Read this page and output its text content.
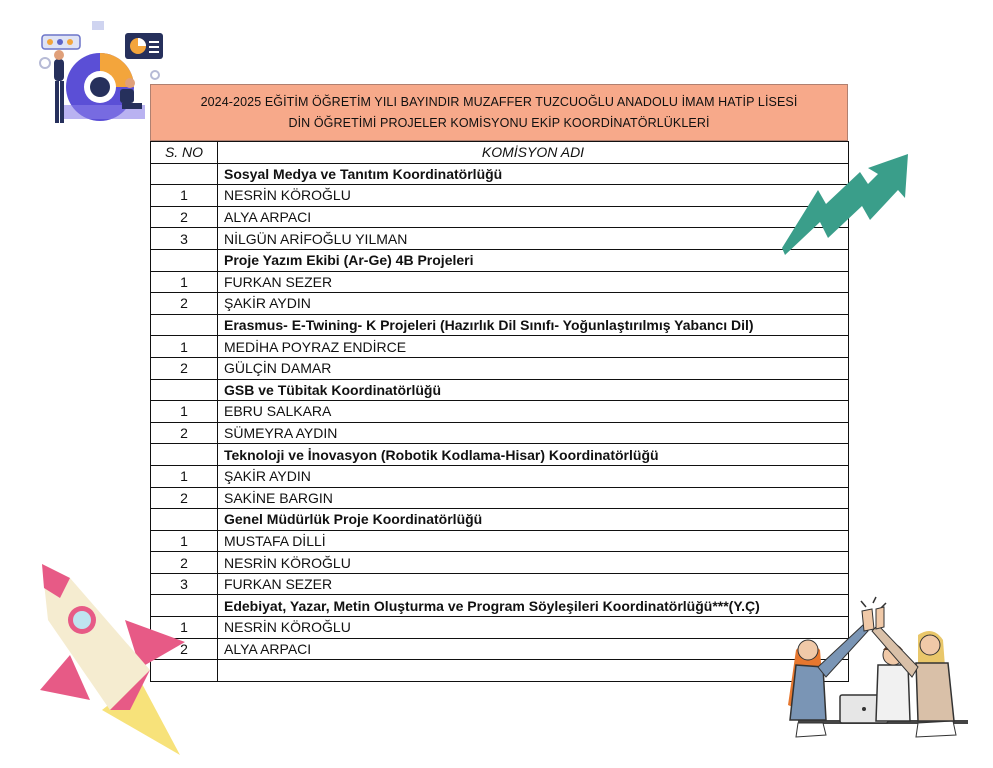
2024-2025 EĞİTİM ÖĞRETİM YILI BAYINDIR MUZAFFER TUZCUOĞLU ANADOLU İMAM HATİP LİSESİ
DİN ÖĞRETİMİ PROJELER KOMİSYONU EKİP KOORDİNATÖRLÜKLERİ
S. NO	KOMİSYON ADI
	Sosyal Medya ve Tanıtım Koordinatörlüğü
1	NESRİN KÖROĞLU
2	ALYA ARPACI
3	NİLGÜN ARİFOĞLU YILMAN
	Proje Yazım Ekibi (Ar-Ge) 4B Projeleri
1	FURKAN SEZER
2	ŞAKİR AYDIN
	Erasmus- E-Twining- K Projeleri (Hazırlık Dil Sınıfı- Yoğunlaştırılmış Yabancı Dil)
1	MEDİHA POYRAZ ENDİRCE
2	GÜLÇİN DAMAR
	GSB ve Tübitak Koordinatörlüğü
1	EBRU SALKARA
2	SÜMEYRA AYDIN
	Teknoloji ve İnovasyon (Robotik Kodlama-Hisar) Koordinatörlüğü
1	ŞAKİR AYDIN
2	SAKİNE BARGIN
	Genel Müdürlük Proje Koordinatörlüğü
1	MUSTAFA DİLLİ
2	NESRİN KÖROĞLU
3	FURKAN SEZER
	Edebiyat, Yazar, Metin Oluşturma ve Program Söyleşileri Koordinatörlüğü***(Y.Ç)
1	NESRİN KÖROĞLU
2	ALYA ARPACI
